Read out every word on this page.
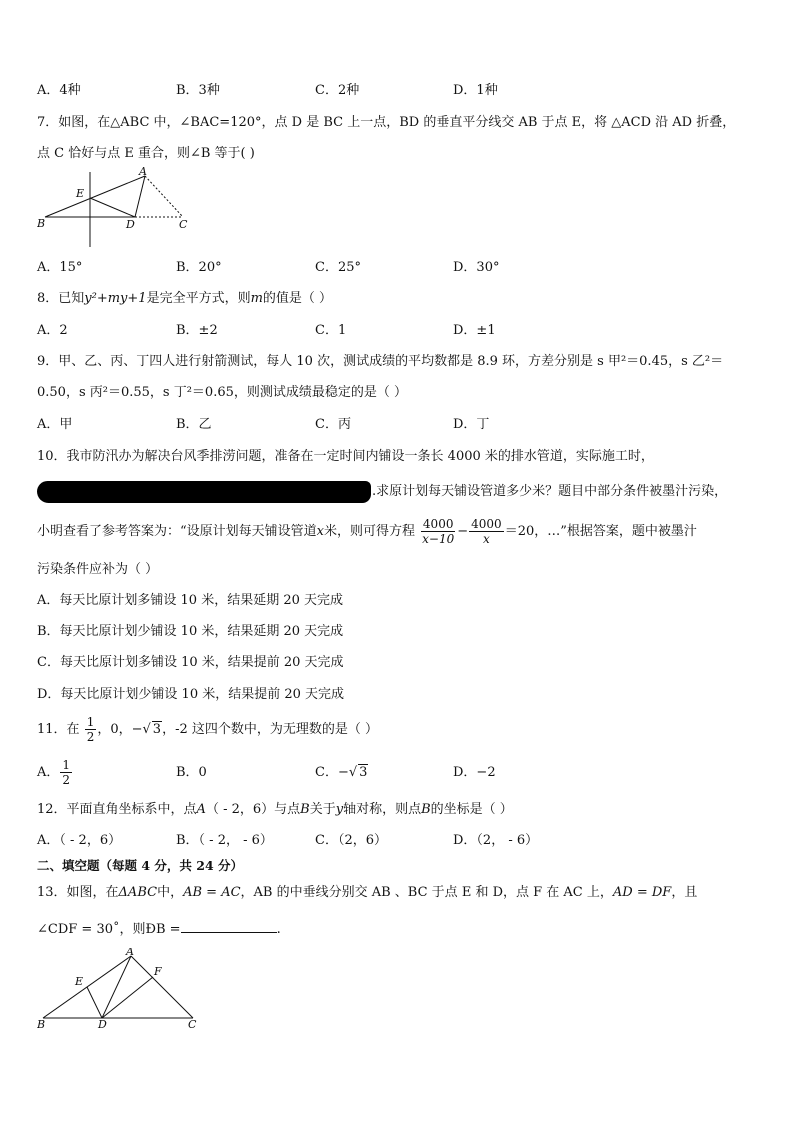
A．4种	B．3种	C．2种	D．1种
7．如图，在△ABC 中，∠BAC=120°，点 D 是 BC 上一点，BD 的垂直平分线交 AB 于点 E，将 △ACD 沿 AD 折叠，
点 C 恰好与点 E 重合，则∠B 等于( )
A
E
B	D	C
A．15°	B．20°	C．25°	D．30°
8．已知y²+my+1是完全平方式，则m的值是（ ）
A．2	B．±2	C．1	D．±1
9．甲、乙、丙、丁四人进行射箭测试，每人 10 次，测试成绩的平均数都是 8.9 环，方差分别是 s 甲²＝0.45，s 乙²＝
0.50，s 丙²＝0.55，s 丁²＝0.65，则测试成绩最稳定的是（ ）
A．甲	B．乙	C．丙	D．丁
10．我市防汛办为解决台风季排涝问题，准备在一定时间内铺设一条长 4000 米的排水管道，实际施工时，
.求原计划每天铺设管道多少米？题目中部分条件被墨汁污染，
小明查看了参考答案为：“设原计划每天铺设管道x米，则可得方程 $\frac{4000}{x-10} - \frac{4000}{x} =20$，…”根据答案，题中被墨汁
污染条件应补为（ ）
A．每天比原计划多铺设 10 米，结果延期 20 天完成
B．每天比原计划少铺设 10 米，结果延期 20 天完成
C．每天比原计划多铺设 10 米，结果提前 20 天完成
D．每天比原计划少铺设 10 米，结果提前 20 天完成
11．在 $\frac{1}{2}$ ，0，−√ 3，-2 这四个数中，为无理数的是（ ）
A． $\frac{1}{2}$	B．0	C．−√ 3	D．−2
12．平面直角坐标系中，点A（ - 2，6）与点B关于y轴对称，则点B的坐标是（ ）
A．（ - 2，6）	B．（ - 2， - 6）	C．（2，6）	D．（2， - 6）
二、填空题（每题 4 分，共 24 分）
13．如图，在ΔABC中，AB = AC，AB 的中垂线分别交 AB 、BC 于点 E 和 D，点 F 在 AC 上，AD = DF，且
∠CDF = 30˚，则ÐB =	.
A
E
F
B	D	C
